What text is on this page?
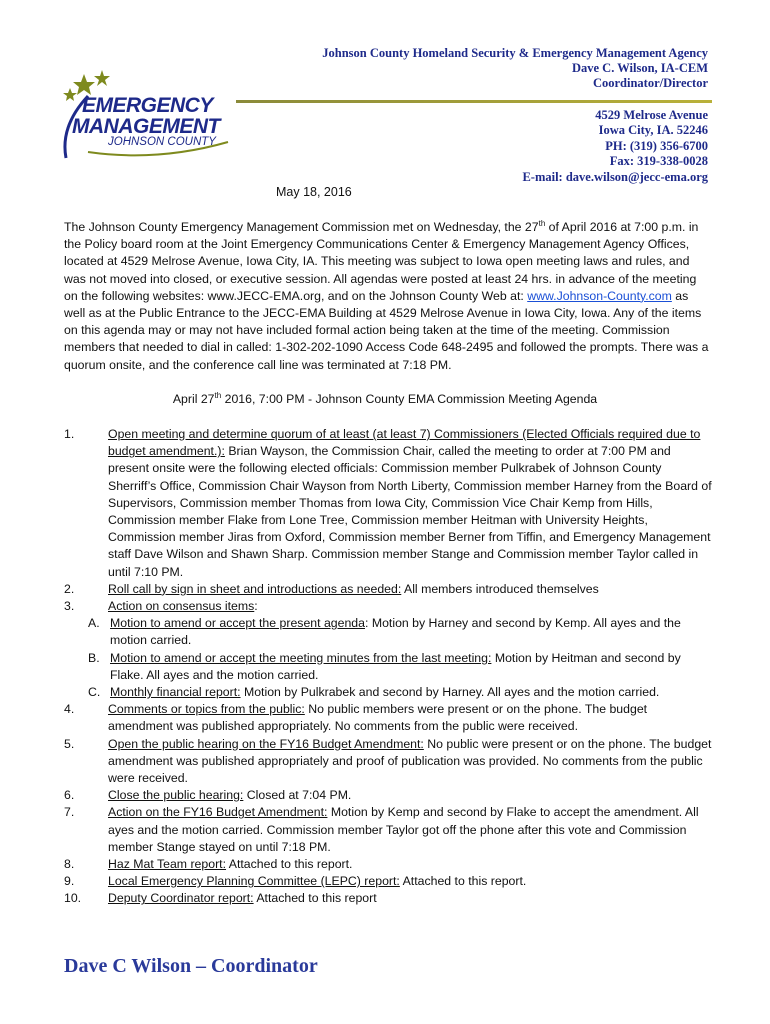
EMERGENCY
MANAGEMENT
JOHNSON COUNTY
Johnson County Homeland Security & Emergency Management Agency
Dave C. Wilson, IA-CEM
Coordinator/Director
4529 Melrose Avenue
Iowa City, IA. 52246
PH: (319) 356-6700
Fax: 319-338-0028
E-mail: dave.wilson@jecc-ema.org
May 18, 2016

The Johnson County Emergency Management Commission met on Wednesday, the 27th of April 2016 at 7:00 p.m. in the Policy board room at the Joint Emergency Communications Center & Emergency Management Agency Offices, located at 4529 Melrose Avenue, Iowa City, IA. This meeting was subject to Iowa open meeting laws and rules, and was not moved into closed, or executive session. All agendas were posted at least 24 hrs. in advance of the meeting on the following websites: www.JECC-EMA.org, and on the Johnson County Web at: www.Johnson-County.com as well as at the Public Entrance to the JECC-EMA Building at 4529 Melrose Avenue in Iowa City, Iowa. Any of the items on this agenda may or may not have included formal action being taken at the time of the meeting. Commission members that needed to dial in called: 1-302-202-1090 Access Code 648-2495 and followed the prompts. There was a quorum onsite, and the conference call line was terminated at 7:18 PM.

April 27th 2016, 7:00 PM - Johnson County EMA Commission Meeting Agenda
1.	Open meeting and determine quorum of at least (at least 7) Commissioners (Elected Officials required due to budget amendment.): Brian Wayson, the Commission Chair, called the meeting to order at 7:00 PM and present onsite were the following elected officials: Commission member Pulkrabek of Johnson County Sherriff’s Office, Commission Chair Wayson from North Liberty, Commission member Harney from the Board of Supervisors, Commission member Thomas from Iowa City, Commission Vice Chair Kemp from Hills, Commission member Flake from Lone Tree, Commission member Heitman with University Heights, Commission member Jiras from Oxford, Commission member Berner from Tiffin, and Emergency Management staff Dave Wilson and Shawn Sharp. Commission member Stange and Commission member Taylor called in until 7:10 PM.
2.	Roll call by sign in sheet and introductions as needed: All members introduced themselves
3.	Action on consensus items:
A. Motion to amend or accept the present agenda: Motion by Harney and second by Kemp. All ayes and the motion carried.
B. Motion to amend or accept the meeting minutes from the last meeting: Motion by Heitman and second by Flake. All ayes and the motion carried.
C. Monthly financial report: Motion by Pulkrabek and second by Harney. All ayes and the motion carried.
4.	Comments or topics from the public: No public members were present or on the phone. The budget amendment was published appropriately. No comments from the public were received.
5.	Open the public hearing on the FY16 Budget Amendment: No public were present or on the phone. The budget amendment was published appropriately and proof of publication was provided. No comments from the public were received.
6.	Close the public hearing: Closed at 7:04 PM.
7.	Action on the FY16 Budget Amendment: Motion by Kemp and second by Flake to accept the amendment. All ayes and the motion carried. Commission member Taylor got off the phone after this vote and Commission member Stange stayed on until 7:18 PM.
8.	Haz Mat Team report: Attached to this report.
9.	Local Emergency Planning Committee (LEPC) report: Attached to this report.
10.	Deputy Coordinator report: Attached to this report
Dave C Wilson – Coordinator
